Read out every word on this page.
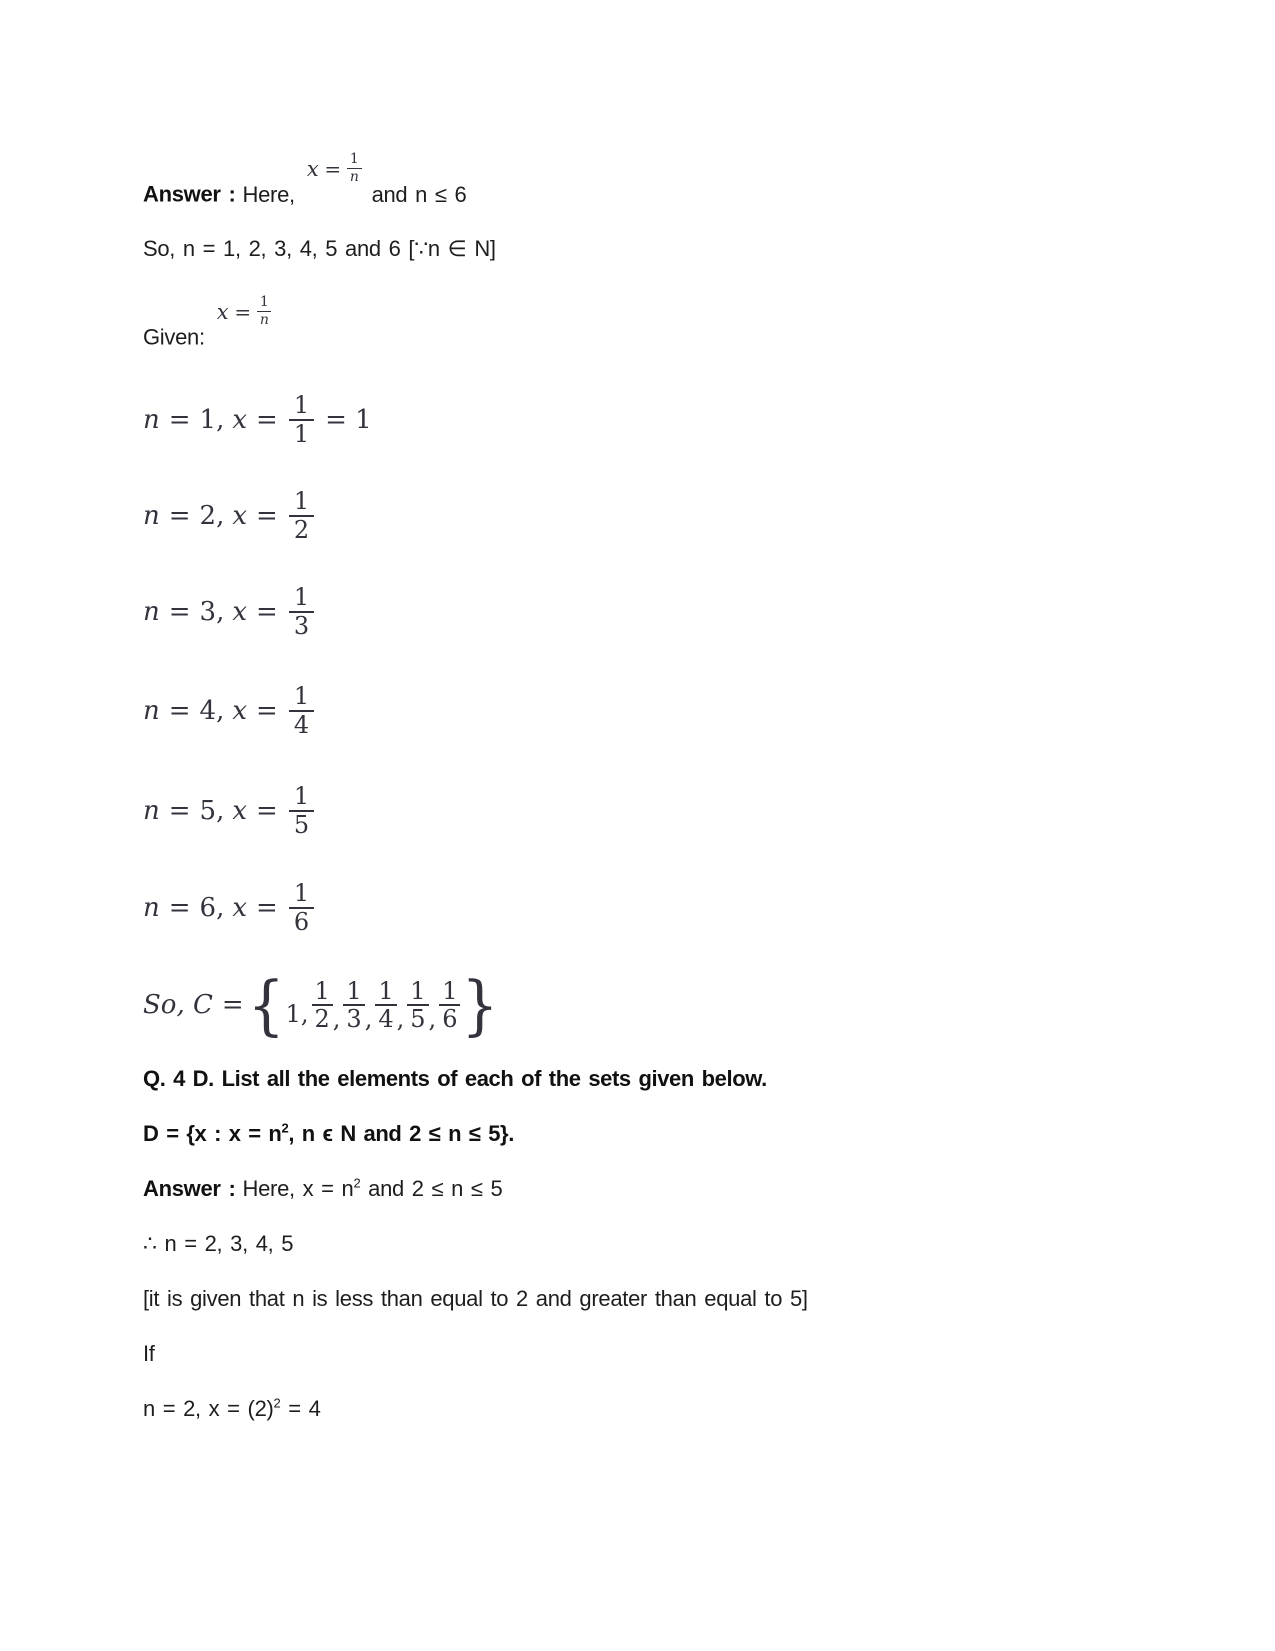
Answer : Here,
$x = \frac{1}{n}$
and n ≤ 6
So, n = 1, 2, 3, 4, 5 and 6 [∵n ∈ N]
Given:
$x = \frac{1}{n}$
n = 1, $x = \frac{1}{1} = 1$
n = 2, $x = \frac{1}{2}$
n = 3, $x = \frac{1}{3}$
n = 4, $x = \frac{1}{4}$
n = 5, $x = \frac{1}{5}$
n = 6, $x = \frac{1}{6}$
So, C = { 1, $\frac{1}{2}$ , $\frac{1}{3}$ , $\frac{1}{4}$ , $\frac{1}{5}$ , $\frac{1}{6}$ }
Q. 4 D. List all the elements of each of the sets given below.
D = {x : $x = n^2$, n ϵ N and 2 ≤ n ≤ 5}.
Answer : Here, $x = n^2$ and 2 ≤ n ≤ 5
∴ n = 2, 3, 4, 5
[it is given that n is less than equal to 2 and greater than equal to 5]
If
n = 2, $x = (2)^2 = 4$
